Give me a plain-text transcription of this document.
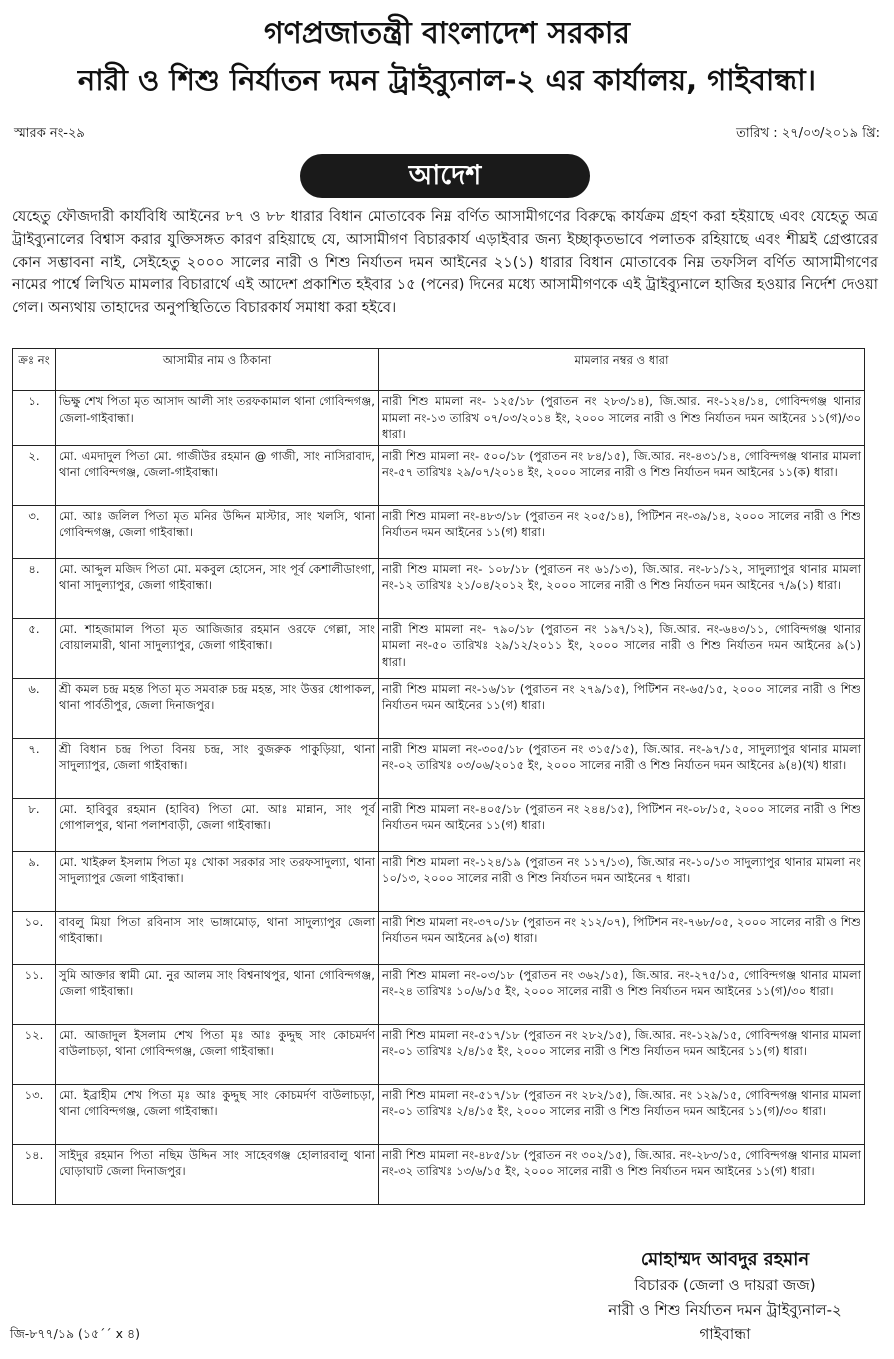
গণপ্রজাতন্ত্রী বাংলাদেশ সরকার
নারী ও শিশু নির্যাতন দমন ট্রাইব্যুনাল-২ এর কার্যালয়, গাইবান্ধা।
স্মারক নং-২৯	তারিখ : ২৭/০৩/২০১৯ খ্রি:
আদেশ
যেহেতু ফৌজদারী কার্যবিধি আইনের ৮৭ ও ৮৮ ধারার বিধান মোতাবেক নিম্ন বর্ণিত আসামীগণের বিরুদ্ধে কার্যক্রম গ্রহণ করা হইয়াছে এবং যেহেতু অত্র ট্রাইব্যুনালের বিশ্বাস করার যুক্তিসঙ্গত কারণ রহিয়াছে যে, আসামীগণ বিচারকার্য এড়াইবার জন্য ইচ্ছাকৃতভাবে পলাতক রহিয়াছে এবং শীঘ্রই গ্রেপ্তারের কোন সম্ভাবনা নাই, সেইহেতু ২০০০ সালের নারী ও শিশু নির্যাতন দমন আইনের ২১(১) ধারার বিধান মোতাবেক নিম্ন তফসিল বর্ণিত আসামীগণের নামের পার্শ্বে লিখিত মামলার বিচারার্থে এই আদেশ প্রকাশিত হইবার ১৫ (পনের) দিনের মধ্যে আসামীগণকে এই ট্রাইব্যুনালে হাজির হওয়ার নির্দেশ দেওয়া গেল। অন্যথায় তাহাদের অনুপস্থিতিতে বিচারকার্য সমাধা করা হইবে।
ক্রঃ নং	আসামীর নাম ও ঠিকানা	মামলার নম্বর ও ধারা
১.	ভিক্ষু শেখ পিতা মৃত আসাদ আলী সাং তরফকামাল থানা গোবিন্দগঞ্জ, জেলা-গাইবান্ধা।	নারী শিশু মামলা নং- ১২৫/১৮ (পুরাতন নং ২৮৩/১৪), জি.আর. নং-১২৪/১৪, গোবিন্দগঞ্জ থানার মামলা নং-১৩ তারিখ ০৭/০৩/২০১৪ ইং, ২০০০ সালের নারী ও শিশু নির্যাতন দমন আইনের ১১(গ)/৩০ ধারা।
২.	মো. এমদাদুল পিতা মো. গাজীউর রহমান @ গাজী, সাং নাসিরাবাদ, থানা গোবিন্দগঞ্জ, জেলা-গাইবান্ধা।	নারী শিশু মামলা নং- ৫০০/১৮ (পুরাতন নং ৮৪/১৫), জি.আর. নং-৪৩১/১৪, গোবিন্দগঞ্জ থানার মামলা নং-৫৭ তারিখঃ ২৯/০৭/২০১৪ ইং, ২০০০ সালের নারী ও শিশু নির্যাতন দমন আইনের ১১(ক) ধারা।
৩.	মো. আঃ জলিল পিতা মৃত মনির উদ্দিন মাস্টার, সাং খলসি, থানা গোবিন্দগঞ্জ, জেলা গাইবান্ধা।	নারী শিশু মামলা নং-৪৮৩/১৮ (পুরাতন নং ২০৫/১৪), পিটিশন নং-৩৯/১৪, ২০০০ সালের নারী ও শিশু নির্যাতন দমন আইনের ১১(গ) ধারা।
৪.	মো. আব্দুল মজিদ পিতা মো. মকবুল হোসেন, সাং পূর্ব কেশালীডাংগা, থানা সাদুল্যাপুর, জেলা গাইবান্ধা।	নারী শিশু মামলা নং- ১০৮/১৮ (পুরাতন নং ৬১/১৩), জি.আর. নং-৮১/১২, সাদুল্যাপুর থানার মামলা নং-১২ তারিখঃ ২১/০৪/২০১২ ইং, ২০০০ সালের নারী ও শিশু নির্যাতন দমন আইনের ৭/৯(১) ধারা।
৫.	মো. শাহজামাল পিতা মৃত আজিজার রহমান ওরফে গেল্লা, সাং বোয়ালমারী, থানা সাদুল্যাপুর, জেলা গাইবান্ধা।	নারী শিশু মামলা নং- ৭৯০/১৮ (পুরাতন নং ১৯৭/১২), জি.আর. নং-৬৪৩/১১, গোবিন্দগঞ্জ থানার মামলা নং-৫০ তারিখঃ ২৯/১২/২০১১ ইং, ২০০০ সালের নারী ও শিশু নির্যাতন দমন আইনের ৯(১) ধারা।
৬.	শ্রী কমল চন্দ্র মহন্ত পিতা মৃত সমবারু চন্দ্র মহন্ত, সাং উত্তর ধোপাকল, থানা পার্বতীপুর, জেলা দিনাজপুর।	নারী শিশু মামলা নং-১৬/১৮ (পুরাতন নং ২৭৯/১৫), পিটিশন নং-৬৫/১৫, ২০০০ সালের নারী ও শিশু নির্যাতন দমন আইনের ১১(গ) ধারা।
৭.	শ্রী বিধান চন্দ্র পিতা বিনয় চন্দ্র, সাং বুজরুক পাকুড়িয়া, থানা সাদুল্যাপুর, জেলা গাইবান্ধা।	নারী শিশু মামলা নং-৩০৫/১৮ (পুরাতন নং ৩১৫/১৫), জি.আর. নং-৯৭/১৫, সাদুল্যাপুর থানার মামলা নং-০২ তারিখঃ ০৩/০৬/২০১৫ ইং, ২০০০ সালের নারী ও শিশু নির্যাতন দমন আইনের ৯(৪)(খ) ধারা।
৮.	মো. হাবিবুর রহমান (হাবিব) পিতা মো. আঃ মান্নান, সাং পূর্ব গোপালপুর, থানা পলাশবাড়ী, জেলা গাইবান্ধা।	নারী শিশু মামলা নং-৪০৫/১৮ (পুরাতন নং ২৪৪/১৫), পিটিশন নং-০৮/১৫, ২০০০ সালের নারী ও শিশু নির্যাতন দমন আইনের ১১(গ) ধারা।
৯.	মো. খাইরুল ইসলাম পিতা মৃঃ খোকা সরকার সাং তরফসাদুল্যা, থানা সাদুল্যাপুর জেলা গাইবান্ধা।	নারী শিশু মামলা নং-১২৪/১৯ (পুরাতন নং ১১৭/১৩), জি.আর নং-১০/১৩ সাদুল্যাপুর থানার মামলা নং ১০/১৩, ২০০০ সালের নারী ও শিশু নির্যাতন দমন আইনের ৭ ধারা।
১০.	বাবলু মিয়া পিতা রবিনাস সাং ভাঙ্গামোড়, থানা সাদুল্যাপুর জেলা গাইবান্ধা।	নারী শিশু মামলা নং-৩৭০/১৮ (পুরাতন নং ২১২/০৭), পিটিশন নং-৭৬৮/০৫, ২০০০ সালের নারী ও শিশু নির্যাতন দমন আইনের ৯(৩) ধারা।
১১.	সুমি আক্তার স্বামী মো. নুর আলম সাং বিশ্বনাথপুর, থানা গোবিন্দগঞ্জ, জেলা গাইবান্ধা।	নারী শিশু মামলা নং-০৩/১৮ (পুরাতন নং ৩৬২/১৫), জি.আর. নং-২৭৫/১৫, গোবিন্দগঞ্জ থানার মামলা নং-২৪ তারিখঃ ১০/৬/১৫ ইং, ২০০০ সালের নারী ও শিশু নির্যাতন দমন আইনের ১১(গ)/৩০ ধারা।
১২.	মো. আজাদুল ইসলাম শেখ পিতা মৃঃ আঃ কুদ্দুছ সাং কোচমর্দণ বাউলাচড়া, থানা গোবিন্দগঞ্জ, জেলা গাইবান্ধা।	নারী শিশু মামলা নং-৫১৭/১৮ (পুরাতন নং ২৮২/১৫), জি.আর. নং-১২৯/১৫, গোবিন্দগঞ্জ থানার মামলা নং-০১ তারিখঃ ২/৪/১৫ ইং, ২০০০ সালের নারী ও শিশু নির্যাতন দমন আইনের ১১(গ) ধারা।
১৩.	মো. ইব্রাহীম শেখ পিতা মৃঃ আঃ কুদ্দুছ সাং কোচমর্দণ বাউলাচড়া, থানা গোবিন্দগঞ্জ, জেলা গাইবান্ধা।	নারী শিশু মামলা নং-৫১৭/১৮ (পুরাতন নং ২৮২/১৫), জি.আর. নং ১২৯/১৫, গোবিন্দগঞ্জ থানার মামলা নং-০১ তারিখঃ ২/৪/১৫ ইং, ২০০০ সালের নারী ও শিশু নির্যাতন দমন আইনের ১১(গ)/৩০ ধারা।
১৪.	সাইদুর রহমান পিতা নছিম উদ্দিন সাং সাহেবগঞ্জ হোলারবালু থানা ঘোড়াঘাট জেলা দিনাজপুর।	নারী শিশু মামলা নং-৪৮৫/১৮ (পুরাতন নং ৩০২/১৫), জি.আর. নং-২৮৩/১৫, গোবিন্দগঞ্জ থানার মামলা নং-৩২ তারিখঃ ১৩/৬/১৫ ইং, ২০০০ সালের নারী ও শিশু নির্যাতন দমন আইনের ১১(গ) ধারা।
মোহাম্মদ আবদুর রহমান
বিচারক (জেলা ও দায়রা জজ)
নারী ও শিশু নির্যাতন দমন ট্রাইব্যুনাল-২
গাইবান্ধা
জি-৮৭৭/১৯ (১৫´´ x ৪)
